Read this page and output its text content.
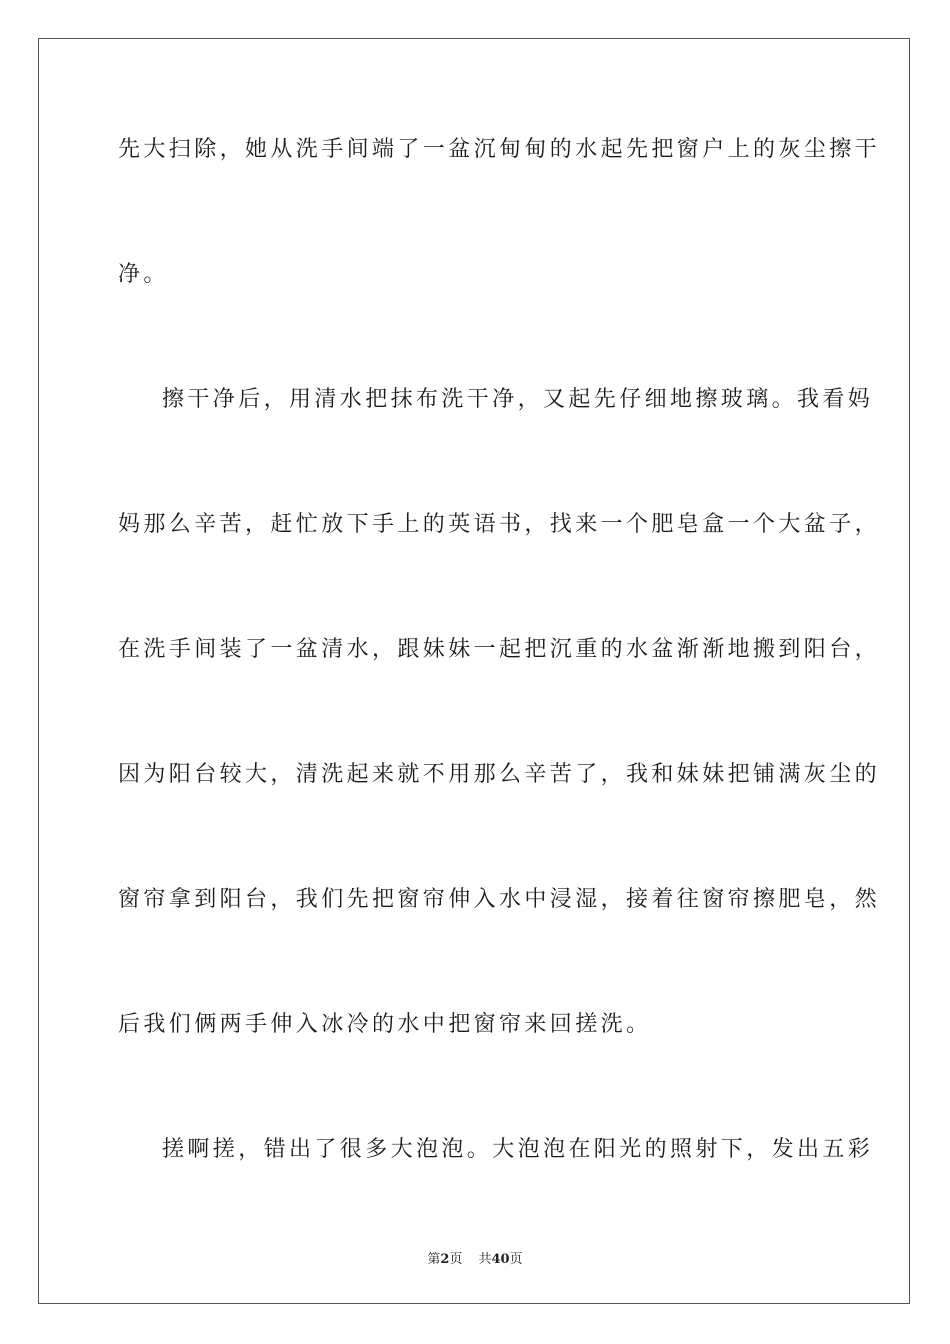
先大扫除，她从洗手间端了一盆沉甸甸的水起先把窗户上的灰尘擦干

净。

擦干净后，用清水把抹布洗干净，又起先仔细地擦玻璃。我看妈

妈那么辛苦，赶忙放下手上的英语书，找来一个肥皂盒一个大盆子，

在洗手间装了一盆清水，跟妹妹一起把沉重的水盆渐渐地搬到阳台，

因为阳台较大，清洗起来就不用那么辛苦了，我和妹妹把铺满灰尘的

窗帘拿到阳台，我们先把窗帘伸入水中浸湿，接着往窗帘擦肥皂，然

后我们俩两手伸入冰冷的水中把窗帘来回搓洗。

搓啊搓，错出了很多大泡泡。大泡泡在阳光的照射下，发出五彩

第2页 共40页
